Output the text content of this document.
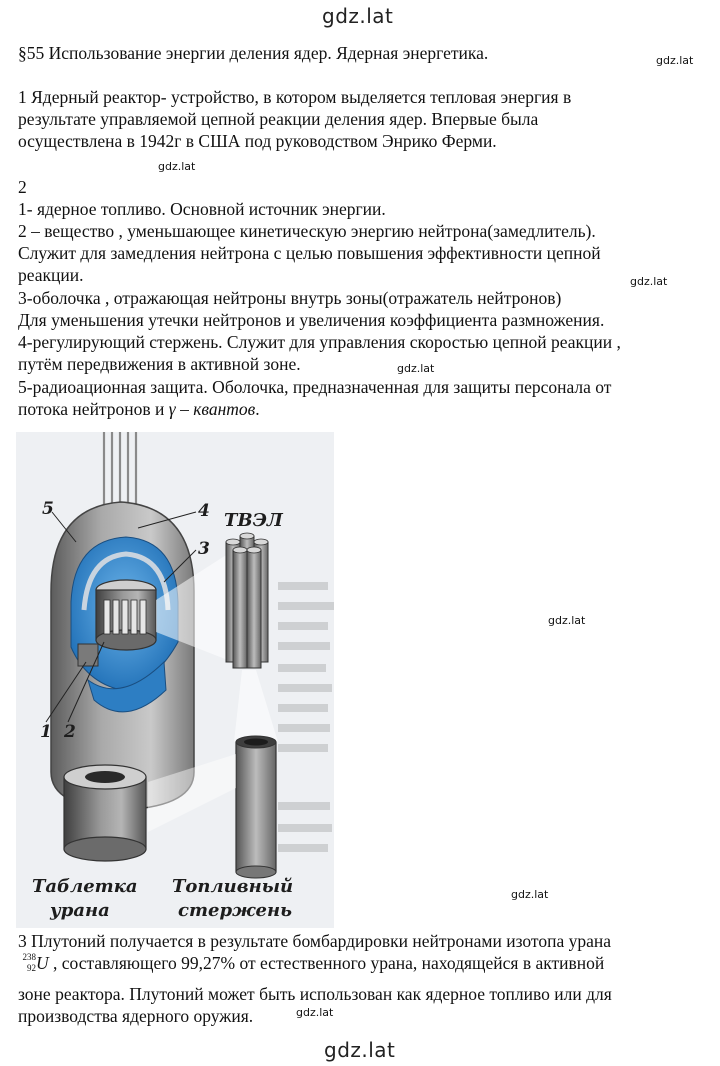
gdz.lat
gdz.lat
gdz.lat
gdz.lat
gdz.lat
gdz.lat
gdz.lat
gdz.lat
gdz.lat
§55 Использование энергии деления ядер. Ядерная энергетика.
1 Ядерный реактор- устройство, в котором выделяется тепловая энергия в
результате управляемой цепной реакции деления ядер. Впервые была
осуществлена в 1942г в США под руководством Энрико Ферми.
2
1- ядерное топливо. Основной источник энергии.
2 – вещество , уменьшающее кинетическую энергию нейтрона(замедлитель).
Служит для замедления нейтрона с целью повышения эффективности цепной
реакции.
3-оболочка , отражающая нейтроны внутрь зоны(отражатель нейтронов)
Для уменьшения утечки нейтронов и увеличения коэффициента размножения.
4-регулирующий стержень. Служит для управления скоростью цепной реакции ,
путём передвижения в активной зоне.
5-радиоационная защита. Оболочка, предназначенная для защиты персонала от
потока нейтронов и γ – квантов.
5	4
3
1 2
ТВЭЛ
Таблетка
урана
Топливный
стержень
3 Плутоний получается в результате бомбардировки нейтронами изотопа урана
238
92 U , составляющего 99,27% от естественного урана, находящейся в активной
зоне реактора. Плутоний может быть использован как ядерное топливо или для
производства ядерного оружия.
